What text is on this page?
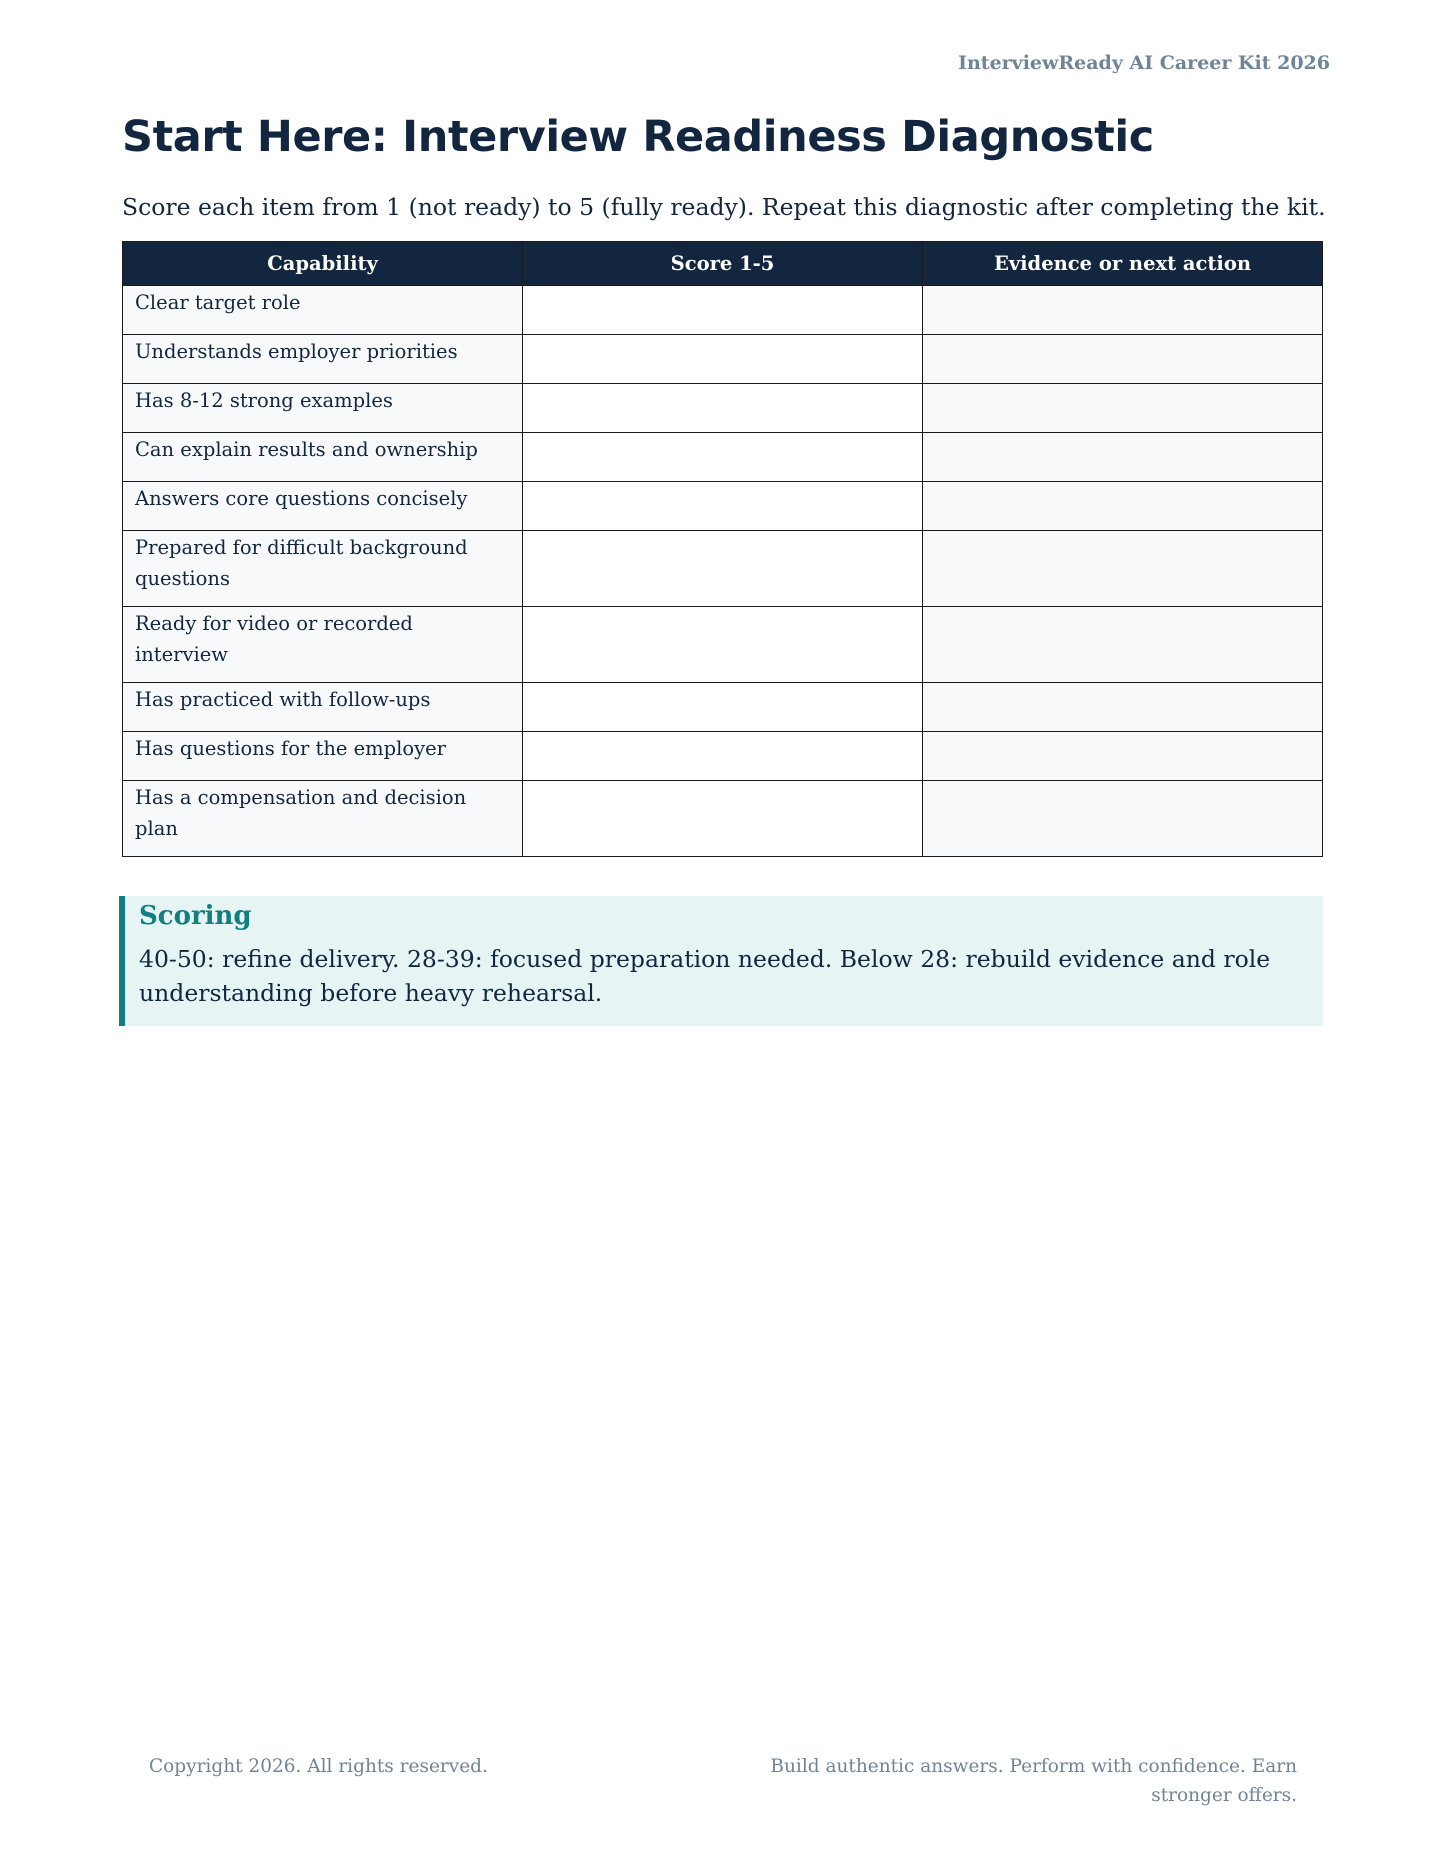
InterviewReady AI Career Kit 2026
Start Here: Interview Readiness Diagnostic

Score each item from 1 (not ready) to 5 (fully ready). Repeat this diagnostic after completing the kit.

Capability	Score 1-5	Evidence or next action
Clear target role		
Understands employer priorities		
Has 8-12 strong examples		
Can explain results and ownership		
Answers core questions concisely		
Prepared for difficult background questions		
Ready for video or recorded interview		
Has practiced with follow-ups		
Has questions for the employer		
Has a compensation and decision plan		
Scoring

40-50: refine delivery. 28-39: focused preparation needed. Below 28: rebuild evidence and role understanding before heavy rehearsal.

Copyright 2026. All rights reserved.	Build authentic answers. Perform with confidence. Earn stronger offers.
